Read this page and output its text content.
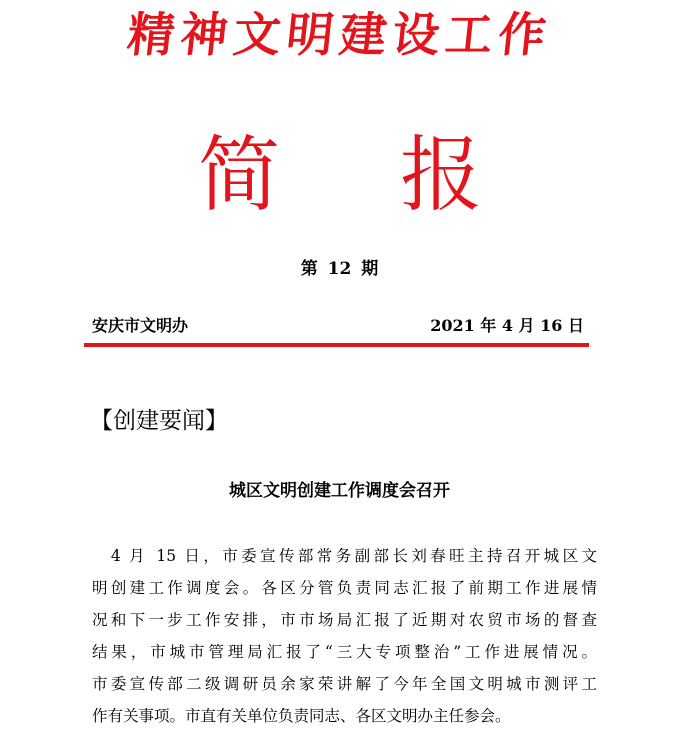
精神文明建设工作
简 报
第 12 期
安庆市文明办	2021 年 4 月 16 日
【创建要闻】
城区文明创建工作调度会召开
　4 月 15 日，市委宣传部常务副部长刘春旺主持召开城区文
明创建工作调度会。各区分管负责同志汇报了前期工作进展情
况和下一步工作安排，市市场局汇报了近期对农贸市场的督查
结果，市城市管理局汇报了“三大专项整治”工作进展情况。
市委宣传部二级调研员余家荣讲解了今年全国文明城市测评工
作有关事项。市直有关单位负责同志、各区文明办主任参会。
